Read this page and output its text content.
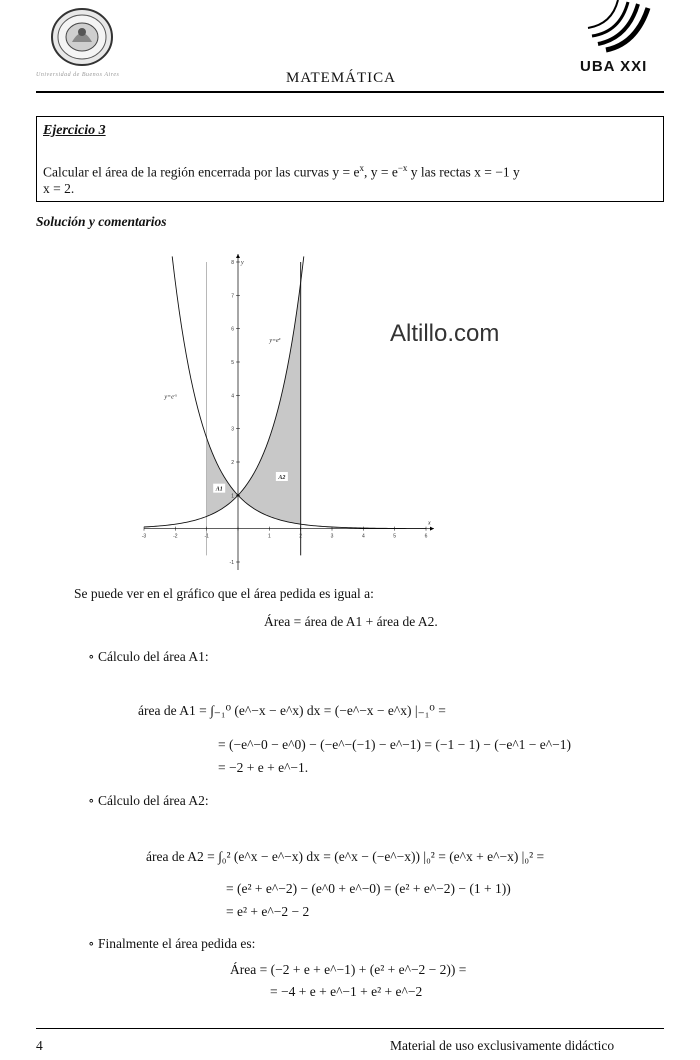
Universidad de Buenos Aires	MATEMÁTICA
UBA XXI
Ejercicio 3
Calcular el área de la región encerrada por las curvas $y = e^x$, $y = e^{-x}$ y las rectas x = −1 y
x = 2.
Solución y comentarios
-3	-2	-1	1	2	3	4	5	6
-1
1
2
3
4
5
6
7
8
x
y
$y=e^x$
$y=e^{-x}$
A1
A2
Altillo.com
Se puede ver en el gráfico que el área pedida es igual a:
Área = área de A1 + área de A2.
∘ Cálculo del área A1:
área de A1 = ∫₋₁⁰ (e^−x − e^x) dx = (−e^−x − e^x) |₋₁⁰ =
= (−e^−0 − e^0) − (−e^−(−1) − e^−1) = (−1 − 1) − (−e^1 − e^−1)
= −2 + e + e^−1.
∘ Cálculo del área A2:
área de A2 = ∫₀² (e^x − e^−x) dx = (e^x − (−e^−x)) |₀² = (e^x + e^−x) |₀² =
= (e² + e^−2) − (e^0 + e^−0) = (e² + e^−2) − (1 + 1))
= e² + e^−2 − 2
∘ Finalmente el área pedida es:
Área = (−2 + e + e^−1) + (e² + e^−2 − 2)) =
= −4 + e + e^−1 + e² + e^−2
4	Material de uso exclusivamente didáctico
